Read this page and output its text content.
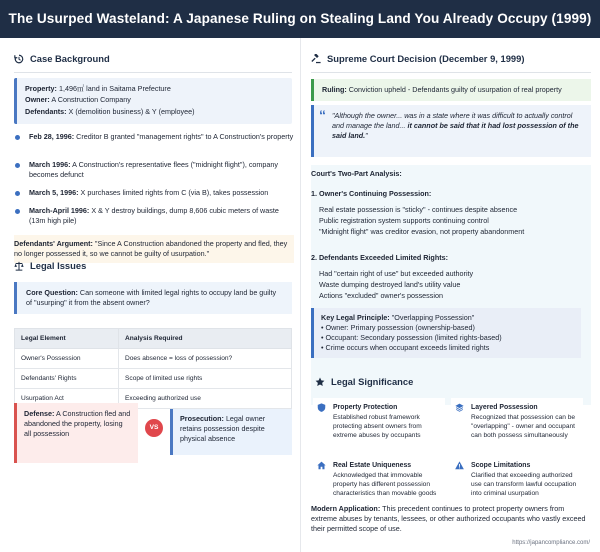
The Usurped Wasteland: A Japanese Ruling on Stealing Land You Already Occupy (1999)
Case Background
Property: 1,496㎡ land in Saitama Prefecture
Owner: A Construction Company
Defendants: X (demolition business) & Y (employee)
Feb 28, 1996: Creditor B granted "management rights" to A Construction's property
March 1996: A Construction's representative flees ("midnight flight"), company becomes defunct
March 5, 1996: X purchases limited rights from C (via B), takes possession
March-April 1996: X & Y destroy buildings, dump 8,606 cubic meters of waste (13m high pile)
Defendants' Argument: "Since A Construction abandoned the property and fled, they no longer possessed it, so we cannot be guilty of usurpation."
Legal Issues
Core Question: Can someone with limited legal rights to occupy land be guilty of "usurping" it from the absent owner?
Legal Element	Analysis Required
Owner's Possession	Does absence = loss of possession?
Defendants' Rights	Scope of limited use rights
Usurpation Act	Exceeding authorized use
Defense: A Construction fled and abandoned the property, losing all possession
VS
Prosecution: Legal owner retains possession despite physical absence
Supreme Court Decision (December 9, 1999)
Ruling: Conviction upheld - Defendants guilty of usurpation of real property
“ "Although the owner... was in a state where it was difficult to actually control and manage the land... it cannot be said that it had lost possession of the said land."
Court's Two-Part Analysis:
1. Owner's Continuing Possession:
Real estate possession is "sticky" - continues despite absence
Public registration system supports continuing control
"Midnight flight" was creditor evasion, not property abandonment
2. Defendants Exceeded Limited Rights:
Had "certain right of use" but exceeded authority
Waste dumping destroyed land's utility value
Actions "excluded" owner's possession
Key Legal Principle: "Overlapping Possession"
• Owner: Primary possession (ownership-based)
• Occupant: Secondary possession (limited rights-based)
• Crime occurs when occupant exceeds limited rights
Legal Significance
Property Protection
Established robust framework protecting absent owners from extreme abuses by occupants
Layered Possession
Recognized that possession can be "overlapping" - owner and occupant can both possess simultaneously
Real Estate Uniqueness
Acknowledged that immovable property has different possession characteristics than movable goods
Scope Limitations
Clarified that exceeding authorized use can transform lawful occupation into criminal usurpation
Modern Application: This precedent continues to protect property owners from extreme abuses by tenants, lessees, or other authorized occupants who vastly exceed their permitted scope of use.
https://japancompliance.com/
